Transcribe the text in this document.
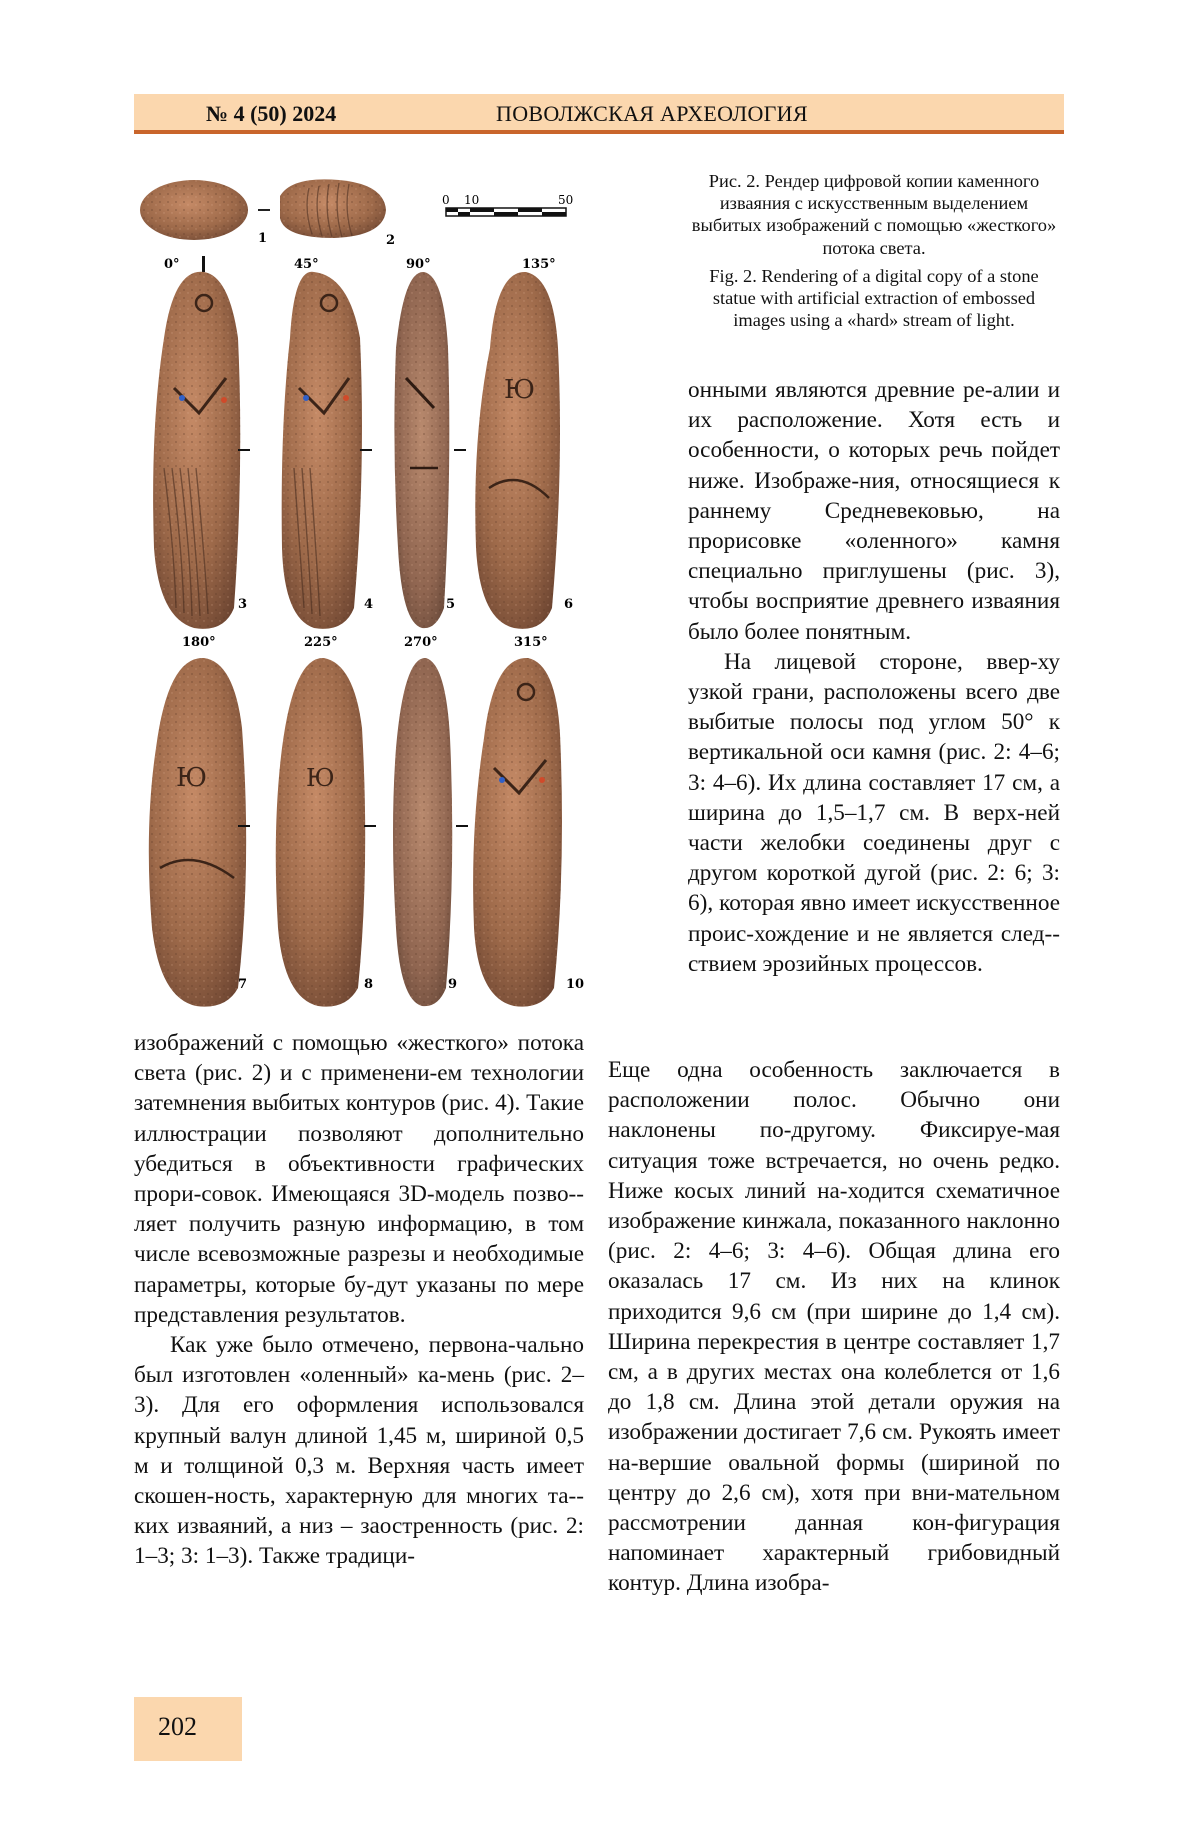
№ 4 (50) 2024	ПОВОЛЖСКАЯ АРХЕОЛОГИЯ
0 10	50
1	2
0°	45°	90°	135°
Ю
3	4	5	6
180°	225°	270°	315°
Ю	Ю
7	8	9	10

Рис. 2. Рендер цифровой копии каменного изваяния с искусственным выделением выбитых изображений с помощью «жесткого» потока света.

Fig. 2. Rendering of a digital copy of a stone statue with artificial extraction of embossed images using a «hard» stream of light.

онными являются древние ре-алии и их расположение. Хотя есть и особенности, о которых речь пойдет ниже. Изображе-ния, относящиеся к раннему Средневековью, на прорисовке «оленного» камня специально приглушены (рис. 3), чтобы восприятие древнего изваяния было более понятным.

На лицевой стороне, ввер-ху узкой грани, расположены всего две выбитые полосы под углом 50° к вертикальной оси камня (рис. 2: 4–6; 3: 4–6). Их длина составляет 17 см, а ширина до 1,5–1,7 см. В верх-ней части желобки соединены друг с другом короткой дугой (рис. 2: 6; 3: 6), которая явно имеет искусственное проис-хождение и не является след-ствием эрозийных процессов.

изображений с помощью «жесткого» потока света (рис. 2) и с применени-ем технологии затемнения выбитых контуров (рис. 4). Такие иллюстрации позволяют дополнительно убедиться в объективности графических прори-совок. Имеющаяся 3D-модель позво-ляет получить разную информацию, в том числе всевозможные разрезы и необходимые параметры, которые бу-дут указаны по мере представления результатов.

Как уже было отмечено, первона-чально был изготовлен «оленный» ка-мень (рис. 2–3). Для его оформления использовался крупный валун длиной 1,45 м, шириной 0,5 м и толщиной 0,3 м. Верхняя часть имеет скошен-ность, характерную для многих та-ких изваяний, а низ – заостренность (рис. 2: 1–3; 3: 1–3). Также традици-

Еще одна особенность заключается в расположении полос. Обычно они наклонены по-другому. Фиксируе-мая ситуация тоже встречается, но очень редко. Ниже косых линий на-ходится схематичное изображение кинжала, показанного наклонно (рис. 2: 4–6; 3: 4–6). Общая длина его оказалась 17 см. Из них на клинок приходится 9,6 см (при ширине до 1,4 см). Ширина перекрестия в центре составляет 1,7 см, а в других местах она колеблется от 1,6 до 1,8 см. Длина этой детали оружия на изображении достигает 7,6 см. Рукоять имеет на-вершие овальной формы (шириной по центру до 2,6 см), хотя при вни-мательном рассмотрении данная кон-фигурация напоминает характерный грибовидный контур. Длина изобра-

202
